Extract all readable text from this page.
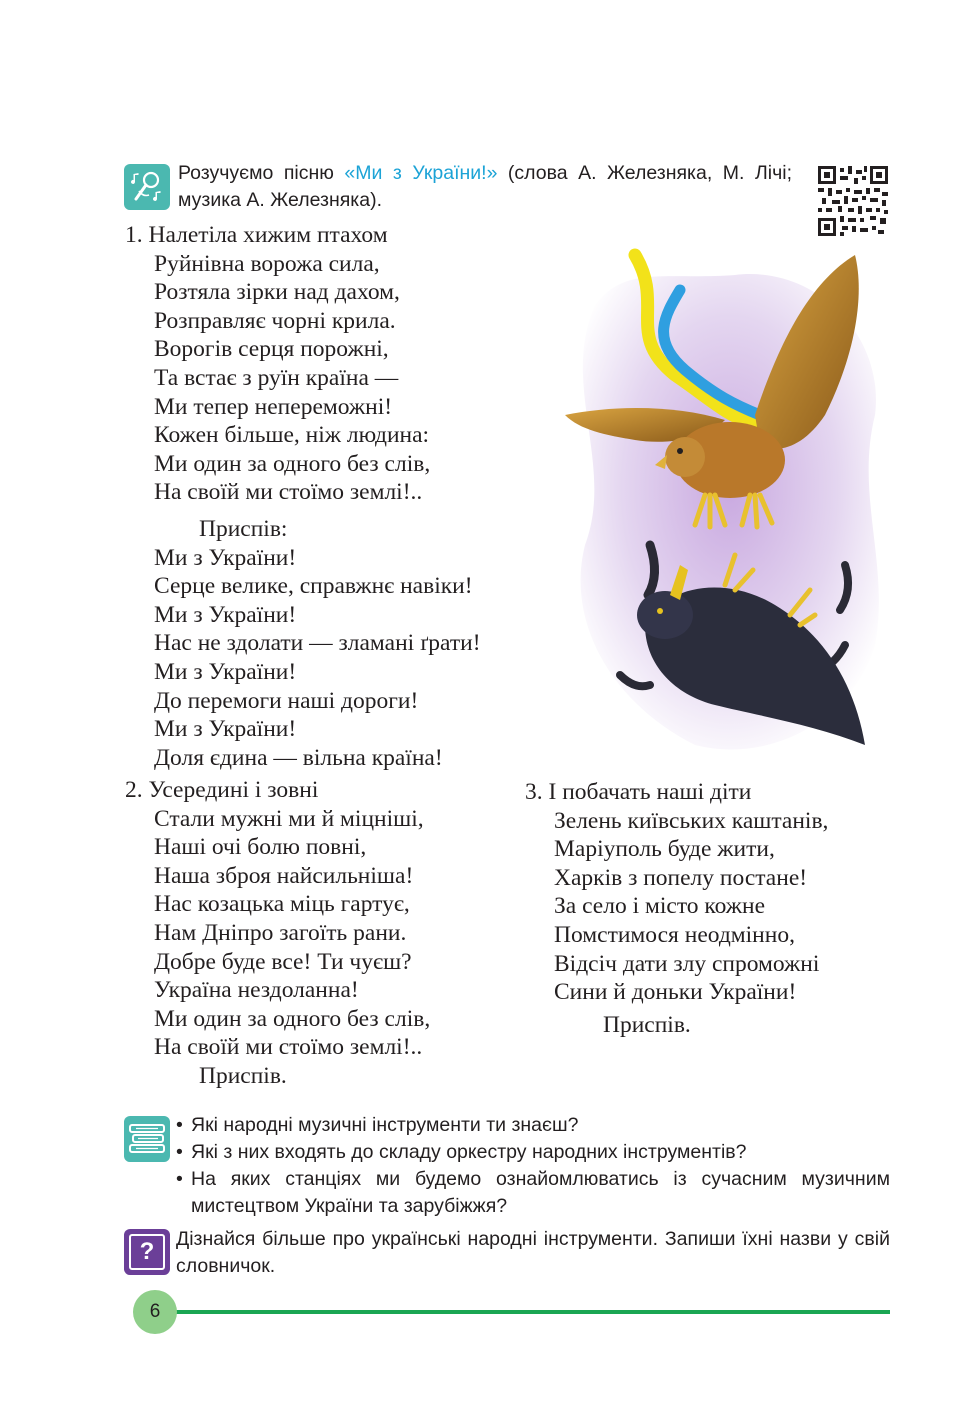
Розучуємо пісню «Ми з України!» (слова А. Железняка, М. Лічі; музика А. Железняка).
1. Налетіла хижим птахом
Руйнівна ворожа сила,
Розтяла зірки над дахом,
Розправляє чорні крила.
Ворогів серця порожні,
Та встає з руїн країна —
Ми тепер непереможні!
Кожен більше, ніж людина:
Ми один за одного без слів,
На своїй ми стоїмо землі!..
Приспів:
Ми з України!
Серце велике, справжнє навіки!
Ми з України!
Нас не здолати — зламані ґрати!
Ми з України!
До перемоги наші дороги!
Ми з України!
Доля єдина — вільна країна!
2. Усередині і зовні
Стали мужні ми й міцніші,
Наші очі болю повні,
Наша зброя найсильніша!
Нас козацька міць гартує,
Нам Дніпро загоїть рани.
Добре буде все! Ти чуєш?
Україна нездоланна!
Ми один за одного без слів,
На своїй ми стоїмо землі!..
Приспів.
3. І побачать наші діти
Зелень київських каштанів,
Маріуполь буде жити,
Харків з попелу постане!
За село і місто кожне
Помстимося неодмінно,
Відсіч дати злу спроможні
Сини й доньки України!
Приспів.
• Які народні музичні інструменти ти знаєш?
• Які з них входять до складу оркестру народних інструментів?
• На яких станціях ми будемо ознайомлюватись із сучасним музичним мистецтвом України та зарубіжжя?
?	Дізнайся більше про українські народні інструменти. Запиши їхні назви у свій словничок.
6
